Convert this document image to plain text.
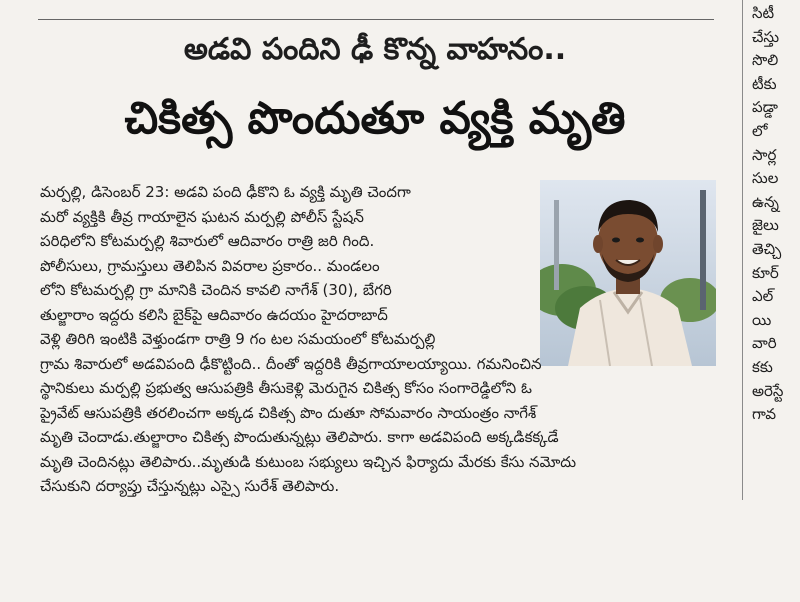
అడవి పందిని ఢీ కొన్న వాహనం..
చికిత్స పొందుతూ వ్యక్తి మృతి
మర్పల్లి, డిసెంబర్ 23: అడవి పంది ఢీకొని ఓ వ్యక్తి మృతి చెందగా
మరో వ్యక్తికి తీవ్ర గాయాలైన ఘటన మర్పల్లి పోలీస్ స్టేషన్
పరిధిలోని కోటమర్పల్లి శివారులో ఆదివారం రాత్రి జరి గింది.
పోలీసులు, గ్రామస్తులు తెలిపిన వివరాల ప్రకారం.. మండలం
లోని కోటమర్పల్లి గ్రా మానికి చెందిన కావలి నాగేశ్ (30), బేగరి
తుల్జారాం ఇద్దరు కలిసి బైక్‌పై ఆదివారం ఉదయం హైదరాబాద్
వెళ్లి తిరిగి ఇంటికి వెళ్తుండగా రాత్రి 9 గం టల సమయంలో కోటమర్పల్లి
గ్రామ శివారులో అడవిపంది ఢీకొట్టింది.. దీంతో ఇద్దరికి తీవ్రగాయాలయ్యాయి. గమనించిన
స్థానికులు మర్పల్లి ప్రభుత్వ ఆసుపత్రికి తీసుకెళ్లి మెరుగైన చికిత్స కోసం సంగారెడ్డిలోని ఓ
ప్రైవేట్ ఆసుపత్రికి తరలించగా అక్కడ చికిత్స పొం దుతూ సోమవారం సాయంత్రం నాగేశ్
మృతి చెందాడు.తుల్జారాం చికిత్స పొందుతున్నట్లు తెలిపారు. కాగా అడవిపంది అక్కడికక్కడే
మృతి చెందినట్లు తెలిపారు..మృతుడి కుటుంబ సభ్యులు ఇచ్చిన ఫిర్యాదు మేరకు కేసు నమోదు
చేసుకుని దర్యాప్తు చేస్తున్నట్లు ఎస్సై సురేశ్ తెలిపారు.
సిటీ
చేస్తు
సొలి
టీకు
పడ్డా
లో
సార్ల
సుల
ఉన్న
జైలు
తెచ్చి
కూర్
ఎల్
యి
వారి
కకు
అరెస్టే
గావ
